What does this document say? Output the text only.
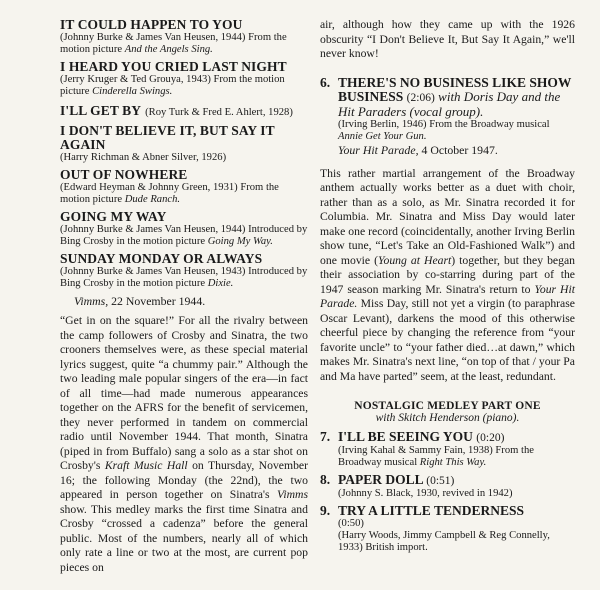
IT COULD HAPPEN TO YOU
(Johnny Burke & James Van Heusen, 1944) From the motion picture And the Angels Sing.
I HEARD YOU CRIED LAST NIGHT
(Jerry Kruger & Ted Grouya, 1943) From the motion picture Cinderella Swings.
I'LL GET BY (Roy Turk & Fred E. Ahlert, 1928)
I DON'T BELIEVE IT, BUT SAY IT AGAIN
(Harry Richman & Abner Silver, 1926)
OUT OF NOWHERE
(Edward Heyman & Johnny Green, 1931) From the motion picture Dude Ranch.
GOING MY WAY
(Johnny Burke & James Van Heusen, 1944) Introduced by Bing Crosby in the motion picture Going My Way.
SUNDAY MONDAY OR ALWAYS
(Johnny Burke & James Van Heusen, 1943) Introduced by Bing Crosby in the motion picture Dixie.
Vimms, 22 November 1944.
“Get in on the square!” For all the rivalry between the camp followers of Crosby and Sinatra, the two crooners themselves were, as these special material lyrics suggest, quite “a chummy pair.” Although the two leading male popular singers of the era—in fact of all time—had made numerous appearances together on the AFRS for the benefit of servicemen, they never performed in tandem on commercial radio until November 1944. That month, Sinatra (piped in from Buffalo) sang a solo as a star shot on Crosby's Kraft Music Hall on Thursday, November 16; the following Monday (the 22nd), the two appeared in person together on Sinatra's Vimms show. This medley marks the first time Sinatra and Crosby “crossed a cadenza” before the general public. Most of the numbers, nearly all of which only rate a line or two at the most, are current pop pieces on
air, although how they came up with the 1926 obscurity “I Don't Believe It, But Say It Again,” we'll never know!
6. THERE'S NO BUSINESS LIKE SHOW BUSINESS (2:06) with Doris Day and the Hit Paraders (vocal group).
(Irving Berlin, 1946) From the Broadway musical Annie Get Your Gun.
Your Hit Parade, 4 October 1947.
This rather martial arrangement of the Broadway anthem actually works better as a duet with choir, rather than as a solo, as Mr. Sinatra recorded it for Columbia. Mr. Sinatra and Miss Day would later make one record (coincidentally, another Irving Berlin show tune, “Let's Take an Old-Fashioned Walk”) and one movie (Young at Heart) together, but they began their association by co-starring during part of the 1947 season marking Mr. Sinatra's return to Your Hit Parade. Miss Day, still not yet a virgin (to paraphrase Oscar Levant), darkens the mood of this otherwise cheerful piece by changing the reference from “your favorite uncle” to “your father died…at dawn,” which makes Mr. Sinatra's next line, “on top of that / your Pa and Ma have parted” seem, at the least, redundant.
NOSTALGIC MEDLEY PART ONE
with Skitch Henderson (piano).
7. I'LL BE SEEING YOU (0:20)
(Irving Kahal & Sammy Fain, 1938) From the Broadway musical Right This Way.
8. PAPER DOLL (0:51)
(Johnny S. Black, 1930, revived in 1942)
9. TRY A LITTLE TENDERNESS
(0:50)
(Harry Woods, Jimmy Campbell & Reg Connelly, 1933) British import.
